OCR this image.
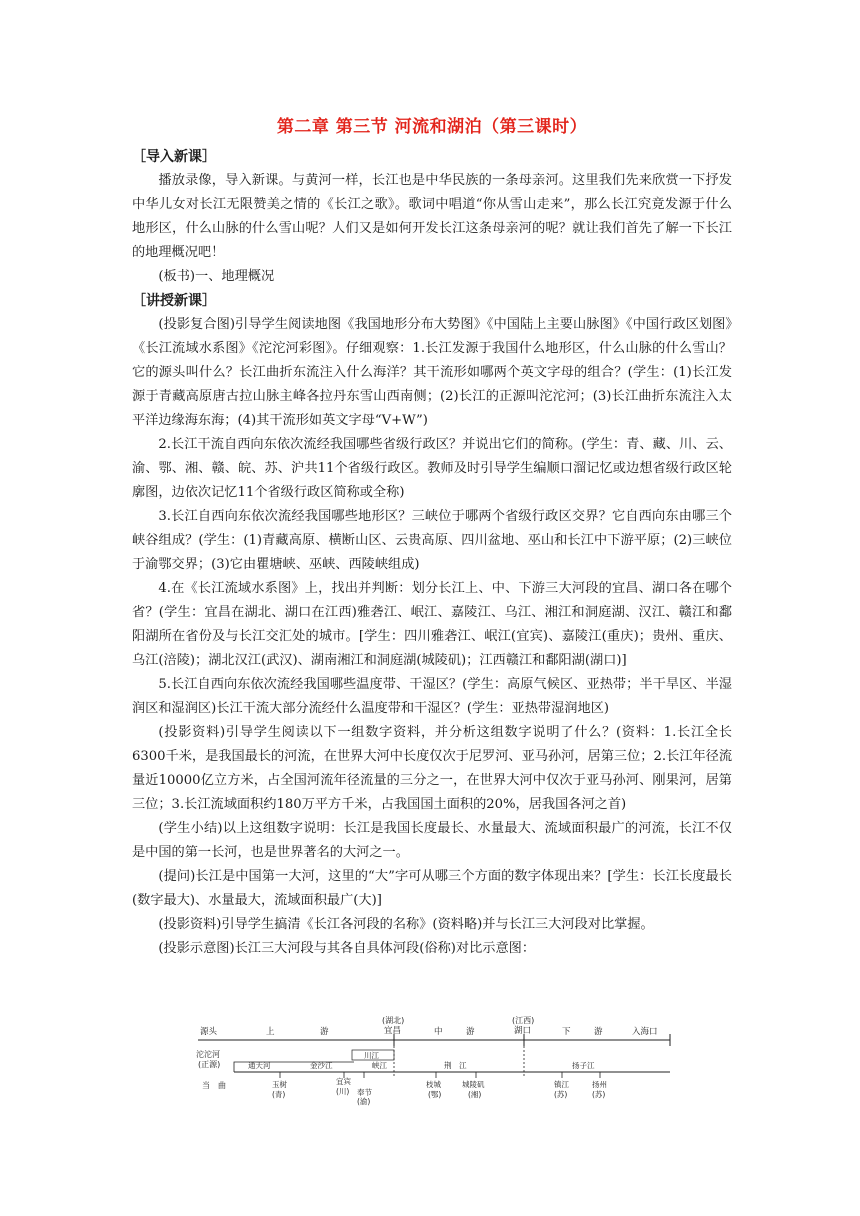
第二章 第三节 河流和湖泊（第三课时）
［导入新课］

播放录像，导入新课。与黄河一样，长江也是中华民族的一条母亲河。这里我们先来欣赏一下抒发中华儿女对长江无限赞美之情的《长江之歌》。歌词中唱道“你从雪山走来”，那么长江究竟发源于什么地形区，什么山脉的什么雪山呢？人们又是如何开发长江这条母亲河的呢？就让我们首先了解一下长江的地理概况吧！

(板书)一、地理概况

［讲授新课］

(投影复合图)引导学生阅读地图《我国地形分布大势图》《中国陆上主要山脉图》《中国行政区划图》《长江流域水系图》《沱沱河彩图》。仔细观察：1.长江发源于我国什么地形区，什么山脉的什么雪山？它的源头叫什么？长江曲折东流注入什么海洋？其干流形如哪两个英文字母的组合？(学生：(1)长江发源于青藏高原唐古拉山脉主峰各拉丹东雪山西南侧；(2)长江的正源叫沱沱河；(3)长江曲折东流注入太平洋边缘海东海；(4)其干流形如英文字母“V+W”)

2.长江干流自西向东依次流经我国哪些省级行政区？并说出它们的简称。(学生：青、藏、川、云、渝、鄂、湘、赣、皖、苏、沪共11个省级行政区。教师及时引导学生编顺口溜记忆或边想省级行政区轮廓图，边依次记忆11个省级行政区简称或全称)

3.长江自西向东依次流经我国哪些地形区？三峡位于哪两个省级行政区交界？它自西向东由哪三个峡谷组成？(学生：(1)青藏高原、横断山区、云贵高原、四川盆地、巫山和长江中下游平原；(2)三峡位于渝鄂交界；(3)它由瞿塘峡、巫峡、西陵峡组成)

4.在《长江流域水系图》上，找出并判断：划分长江上、中、下游三大河段的宜昌、湖口各在哪个省？(学生：宜昌在湖北、湖口在江西)雅砻江、岷江、嘉陵江、乌江、湘江和洞庭湖、汉江、赣江和鄱阳湖所在省份及与长江交汇处的城市。[学生：四川雅砻江、岷江(宜宾)、嘉陵江(重庆)；贵州、重庆、乌江(涪陵)；湖北汉江(武汉)、湖南湘江和洞庭湖(城陵矶)；江西赣江和鄱阳湖(湖口)]

5.长江自西向东依次流经我国哪些温度带、干湿区？(学生：高原气候区、亚热带；半干旱区、半湿润区和湿润区)长江干流大部分流经什么温度带和干湿区？(学生：亚热带湿润地区)

(投影资料)引导学生阅读以下一组数字资料，并分析这组数字说明了什么？(资料：1.长江全长6300千米，是我国最长的河流，在世界大河中长度仅次于尼罗河、亚马孙河，居第三位；2.长江年径流量近10000亿立方米，占全国河流年径流量的三分之一，在世界大河中仅次于亚马孙河、刚果河，居第三位；3.长江流域面积约180万平方千米，占我国国土面积的20%，居我国各河之首)

(学生小结)以上这组数字说明：长江是我国长度最长、水量最大、流域面积最广的河流，长江不仅是中国的第一长河，也是世界著名的大河之一。

(提问)长江是中国第一大河，这里的“大”字可从哪三个方面的数字体现出来？[学生：长江长度最长(数字最大)、水量最大，流域面积最广(大)]

(投影资料)引导学生搞清《长江各河段的名称》(资料略)并与长江三大河段对比掌握。

(投影示意图)长江三大河段与其各自具体河段(俗称)对比示意图：

源头	上	游
(湖北)
宜昌	中	游
(江西)
湖口	下	游	入海口
沱沱河
(正源)
当　曲
川江
通天河	金沙江	峡江	荆　江	扬子江
玉树
(青)
宜宾
(川) 奉节
(渝)
枝城
(鄂)
城陵矶
(湘)
镇江
(苏)
扬州
(苏)
